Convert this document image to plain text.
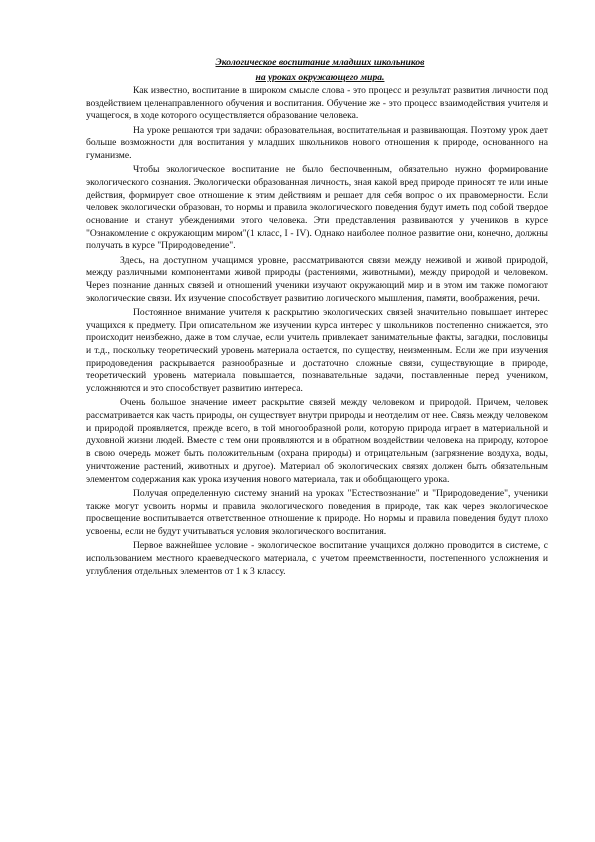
Экологическое воспитание младших школьников
на уроках окружающего мира.

Как известно, воспитание в широком смысле слова - это процесс и результат развития личности под воздействием целенаправленного обучения и воспитания. Обучение же - это процесс взаимодействия учителя и учащегося, в ходе которого осуществляется образование человека.

На уроке решаются три задачи: образовательная, воспитательная и развивающая. Поэтому урок дает больше возможности для воспитания у младших школьников нового отношения к природе, основанного на гуманизме.

Чтобы экологическое воспитание не было беспочвенным, обязательно нужно формирование экологического сознания. Экологически образованная личность, зная какой вред природе приносят те или иные действия, формирует свое отношение к этим действиям и решает для себя вопрос о их правомерности. Если человек экологически образован, то нормы и правила экологического поведения будут иметь под собой твердое основание и станут убеждениями этого человека. Эти представления развиваются у учеников в курсе "Ознакомление с окружающим миром"(1 класс, I - IV). Однако наиболее полное развитие они, конечно, должны получать в курсе "Природоведение".

Здесь, на доступном учащимся уровне, рассматриваются связи между неживой и живой природой, между различными компонентами живой природы (растениями, животными), между природой и человеком. Через познание данных связей и отношений ученики изучают окружающий мир и в этом им также помогают экологические связи. Их изучение способствует развитию логического мышления, памяти, воображения, речи.

Постоянное внимание учителя к раскрытию экологических связей значительно повышает интерес учащихся к предмету. При описательном же изучении курса интерес у школьников постепенно снижается, это происходит неизбежно, даже в том случае, если учитель привлекает занимательные факты, загадки, пословицы и т.д., поскольку теоретический уровень материала остается, по существу, неизменным. Если же при изучения природоведения раскрывается разнообразные и достаточно сложные связи, существующие в природе, теоретический уровень материала повышается, познавательные задачи, поставленные перед учеником, усложняются и это способствует развитию интереса.

Очень большое значение имеет раскрытие связей между человеком и природой. Причем, человек рассматривается как часть природы, он существует внутри природы и неотделим от нее. Связь между человеком и природой проявляется, прежде всего, в той многообразной роли, которую природа играет в материальной и духовной жизни людей. Вместе с тем они проявляются и в обратном воздействии человека на природу, которое в свою очередь может быть положительным (охрана природы) и отрицательным (загрязнение воздуха, воды, уничтожение растений, животных и другое). Материал об экологических связях должен быть обязательным элементом содержания как урока изучения нового материала, так и обобщающего урока.

Получая определенную систему знаний на уроках "Естествознание" и "Природоведение", ученики также могут усвоить нормы и правила экологического поведения в природе, так как через экологическое просвещение воспитывается ответственное отношение к природе. Но нормы и правила поведения будут плохо усвоены, если не будут учитываться условия экологического воспитания.

Первое важнейшее условие - экологическое воспитание учащихся должно проводится в системе, с использованием местного краеведческого материала, с учетом преемственности, постепенного усложнения и углубления отдельных элементов от 1 к 3 классу.
